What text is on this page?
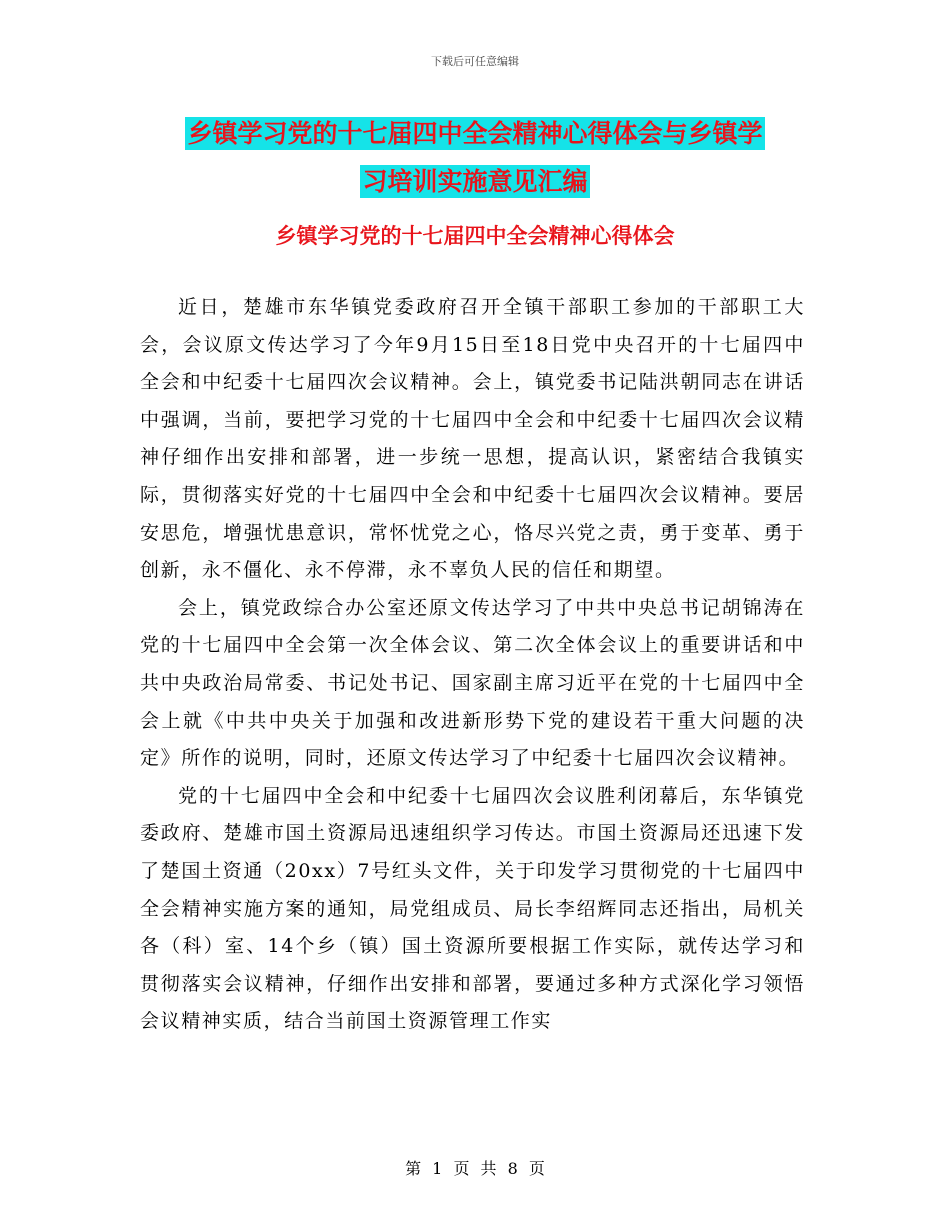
下载后可任意编辑
乡镇学习党的十七届四中全会精神心得体会与乡镇学
习培训实施意见汇编
乡镇学习党的十七届四中全会精神心得体会

近日，楚雄市东华镇党委政府召开全镇干部职工参加的干部职工大会，会议原文传达学习了今年9月15日至18日党中央召开的十七届四中全会和中纪委十七届四次会议精神。会上，镇党委书记陆洪朝同志在讲话中强调，当前，要把学习党的十七届四中全会和中纪委十七届四次会议精神仔细作出安排和部署，进一步统一思想，提高认识，紧密结合我镇实际，贯彻落实好党的十七届四中全会和中纪委十七届四次会议精神。要居安思危，增强忧患意识，常怀忧党之心，恪尽兴党之责，勇于变革、勇于创新，永不僵化、永不停滞，永不辜负人民的信任和期望。

会上，镇党政综合办公室还原文传达学习了中共中央总书记胡锦涛在党的十七届四中全会第一次全体会议、第二次全体会议上的重要讲话和中共中央政治局常委、书记处书记、国家副主席习近平在党的十七届四中全会上就《中共中央关于加强和改进新形势下党的建设若干重大问题的决定》所作的说明，同时，还原文传达学习了中纪委十七届四次会议精神。

党的十七届四中全会和中纪委十七届四次会议胜利闭幕后，东华镇党委政府、楚雄市国土资源局迅速组织学习传达。市国土资源局还迅速下发了楚国土资通（20xx）7号红头文件，关于印发学习贯彻党的十七届四中全会精神实施方案的通知，局党组成员、局长李绍辉同志还指出，局机关各（科）室、14个乡（镇）国土资源所要根据工作实际，就传达学习和贯彻落实会议精神，仔细作出安排和部署，要通过多种方式深化学习领悟会议精神实质，结合当前国土资源管理工作实

第 1 页 共 8 页
